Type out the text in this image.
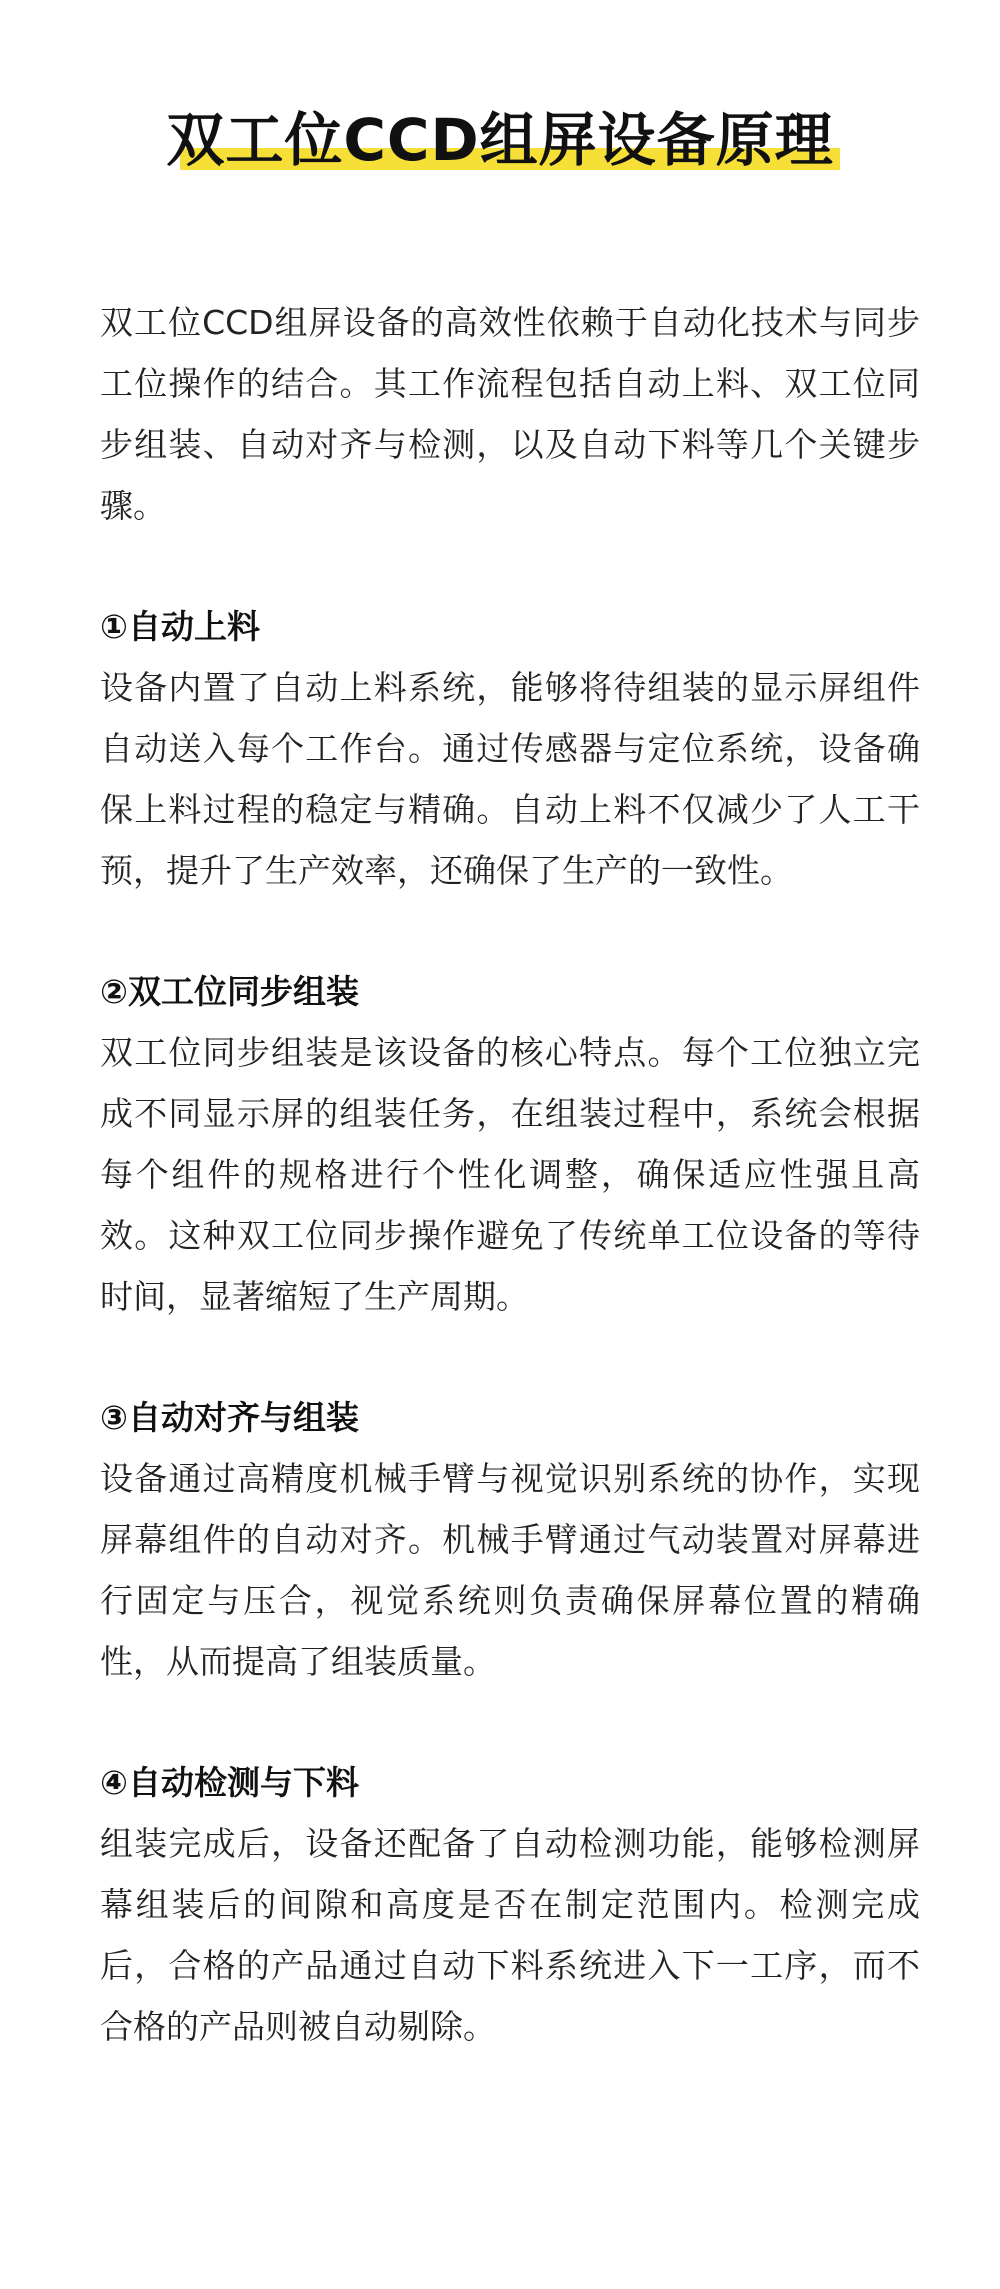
双工位CCD组屏设备原理

双工位CCD组屏设备的高效性依赖于自动化技术与同步工位操作的结合。其工作流程包括自动上料、双工位同步组装、自动对齐与检测，以及自动下料等几个关键步骤。

①自动上料

设备内置了自动上料系统，能够将待组装的显示屏组件自动送入每个工作台。通过传感器与定位系统，设备确保上料过程的稳定与精确。自动上料不仅减少了人工干预，提升了生产效率，还确保了生产的一致性。

②双工位同步组装

双工位同步组装是该设备的核心特点。每个工位独立完成不同显示屏的组装任务，在组装过程中，系统会根据每个组件的规格进行个性化调整，确保适应性强且高效。这种双工位同步操作避免了传统单工位设备的等待时间，显著缩短了生产周期。

③自动对齐与组装

设备通过高精度机械手臂与视觉识别系统的协作，实现屏幕组件的自动对齐。机械手臂通过气动装置对屏幕进行固定与压合，视觉系统则负责确保屏幕位置的精确性，从而提高了组装质量。

④自动检测与下料

组装完成后，设备还配备了自动检测功能，能够检测屏幕组装后的间隙和高度是否在制定范围内。检测完成后，合格的产品通过自动下料系统进入下一工序，而不合格的产品则被自动剔除。
